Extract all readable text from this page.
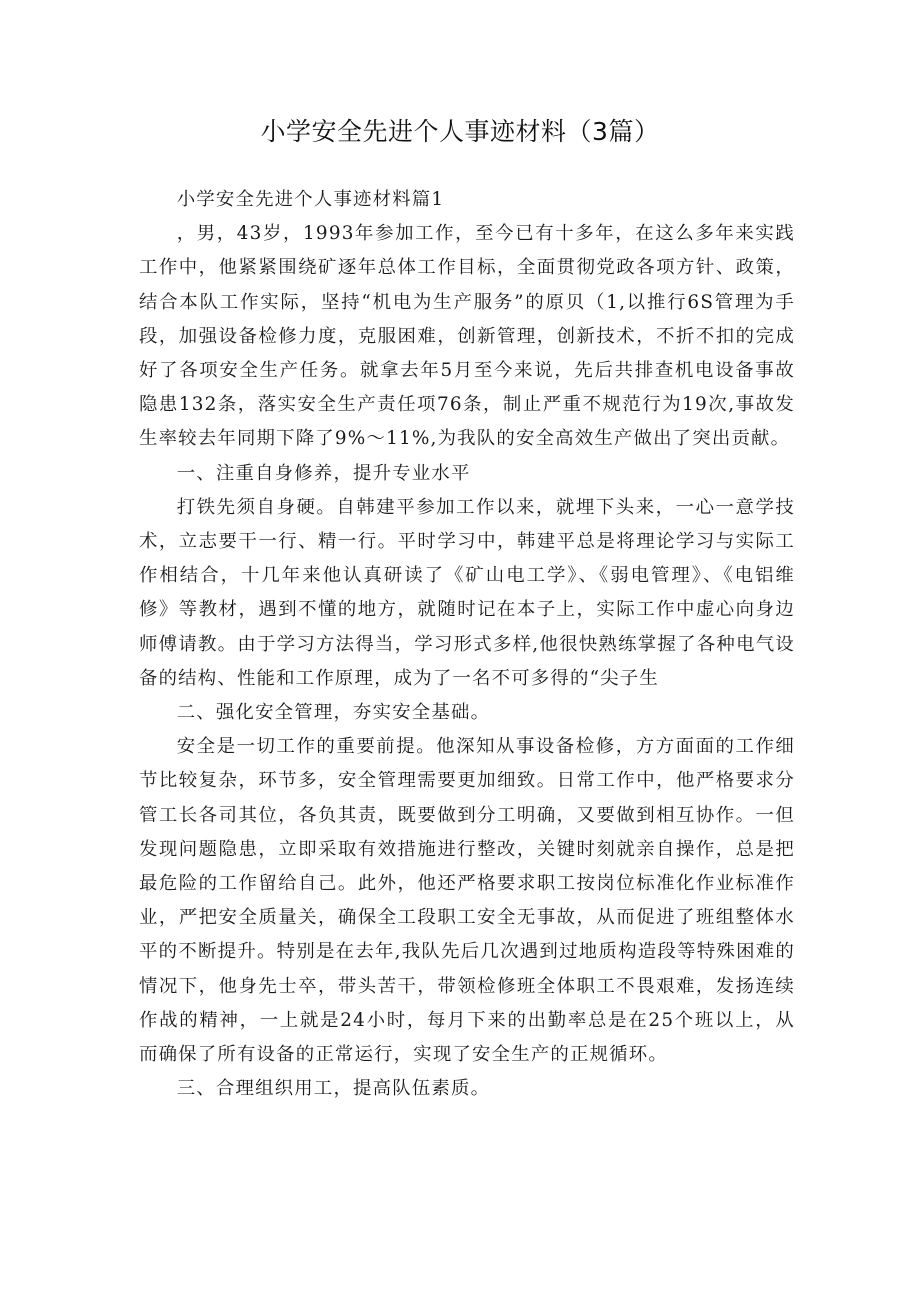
小学安全先进个人事迹材料（3篇）

小学安全先进个人事迹材料篇1

，男，43岁，1993年参加工作，至今已有十多年，在这么多年来实践工作中，他紧紧围绕矿逐年总体工作目标，全面贯彻党政各项方针、政策，结合本队工作实际，坚持“机电为生产服务”的原贝（1,以推行6S管理为手段，加强设备检修力度，克服困难，创新管理，创新技术，不折不扣的完成好了各项安全生产任务。就拿去年5月至今来说，先后共排查机电设备事故隐患132条，落实安全生产责任项76条，制止严重不规范行为19次,事故发生率较去年同期下降了9%～11%,为我队的安全高效生产做出了突出贡献。

一、注重自身修养，提升专业水平

打铁先须自身硬。自韩建平参加工作以来，就埋下头来，一心一意学技术，立志要干一行、精一行。平时学习中，韩建平总是将理论学习与实际工作相结合，十几年来他认真研读了《矿山电工学》、《弱电管理》、《电铝维修》等教材，遇到不懂的地方，就随时记在本子上，实际工作中虚心向身边师傅请教。由于学习方法得当，学习形式多样,他很快熟练掌握了各种电气设备的结构、性能和工作原理，成为了一名不可多得的“尖子生

二、强化安全管理，夯实安全基础。

安全是一切工作的重要前提。他深知从事设备检修，方方面面的工作细节比较复杂，环节多，安全管理需要更加细致。日常工作中，他严格要求分管工长各司其位，各负其责，既要做到分工明确，又要做到相互协作。一但发现问题隐患，立即采取有效措施进行整改，关键时刻就亲自操作，总是把最危险的工作留给自己。此外，他还严格要求职工按岗位标准化作业标准作业，严把安全质量关，确保全工段职工安全无事故，从而促进了班组整体水平的不断提升。特别是在去年,我队先后几次遇到过地质构造段等特殊困难的情况下，他身先士卒，带头苦干，带领检修班全体职工不畏艰难，发扬连续作战的精神，一上就是24小时，每月下来的出勤率总是在25个班以上，从而确保了所有设备的正常运行，实现了安全生产的正规循环。

三、合理组织用工，提高队伍素质。
